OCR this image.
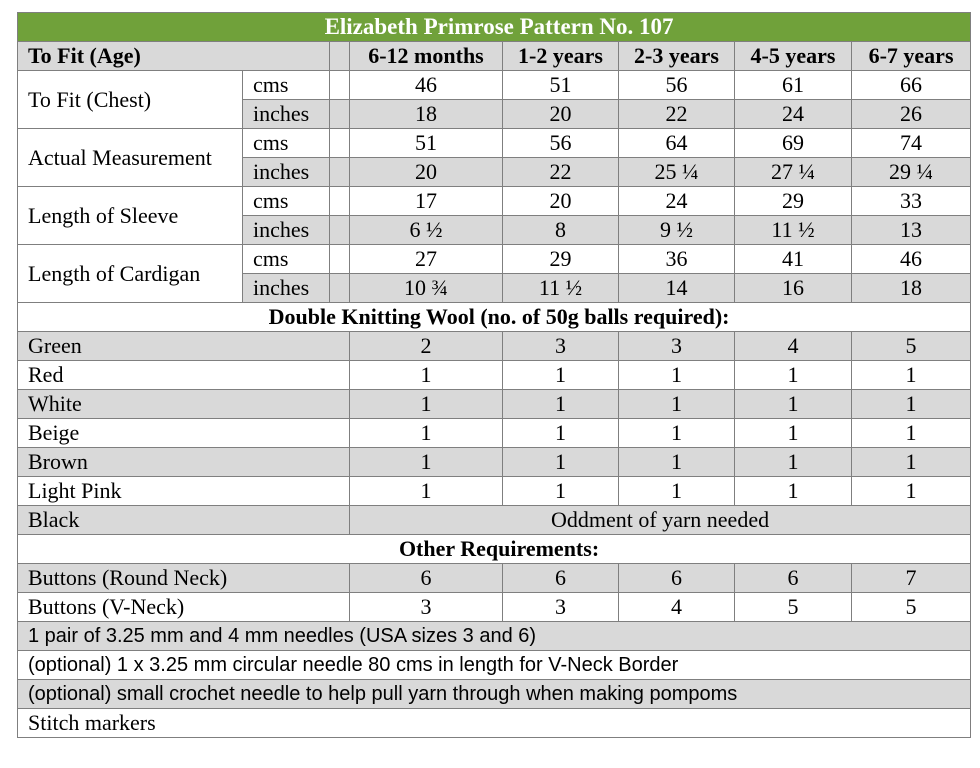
Elizabeth Primrose Pattern No. 107							
To Fit (Age)			6-12 months	1-2 years	2-3 years	4-5 years	6-7 years
To Fit (Chest)	cms		46	51	56	61	66
	inches		18	20	22	24	26
Actual Measurement	cms		51	56	64	69	74
	inches		20	22	25 ¼	27 ¼	29 ¼
Length of Sleeve	cms		17	20	24	29	33
	inches		6 ½	8	9 ½	11 ½	13
Length of Cardigan	cms		27	29	36	41	46
	inches		10 ¾	11 ½	14	16	18
Double Knitting Wool (no. of 50g balls required):							
Green			2	3	3	4	5
Red			1	1	1	1	1
White			1	1	1	1	1
Beige			1	1	1	1	1
Brown			1	1	1	1	1
Light Pink			1	1	1	1	1
Black			Oddment of yarn needed				
Other Requirements:							
Buttons (Round Neck)			6	6	6	6	7
Buttons (V-Neck)			3	3	4	5	5
1 pair of 3.25 mm and 4 mm needles (USA sizes 3 and 6)							
(optional) 1 x 3.25 mm circular needle 80 cms in length for V-Neck Border							
(optional) small crochet needle to help pull yarn through when making pompoms							
Stitch markers							
